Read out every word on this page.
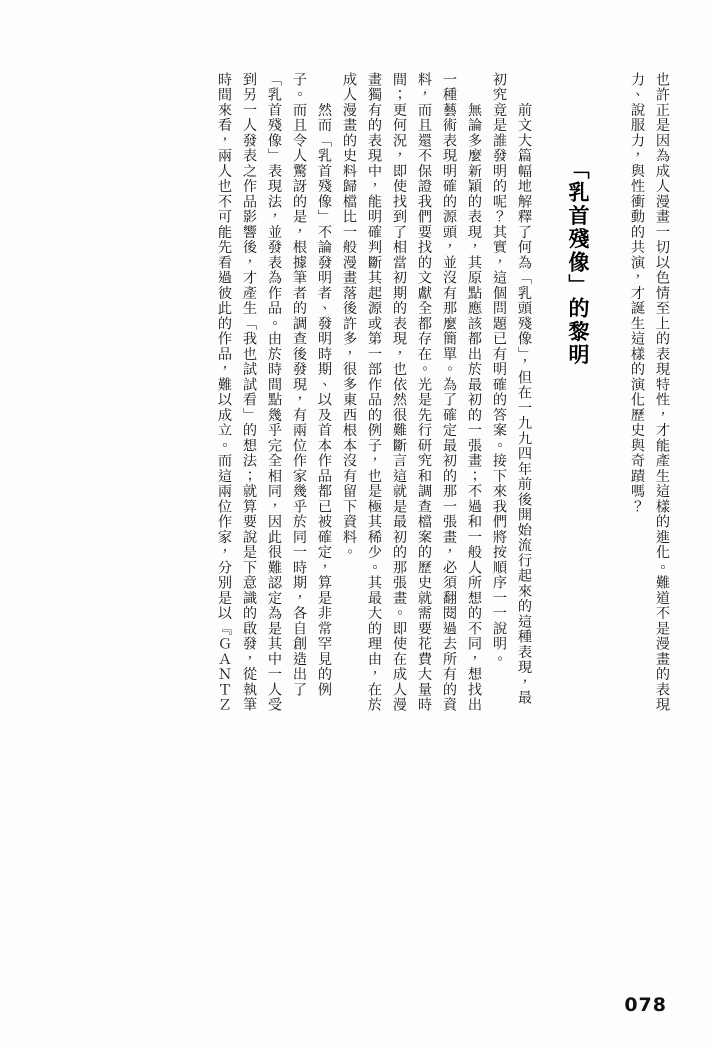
也許正是因為成人漫畫一切以色情至上的表現特性，才能產生這樣的進化。難道不是漫畫的表現
力、說服力，與性衝動的共演，才誕生這樣的演化歷史與奇蹟嗎？
「乳首殘像」的黎明
　　前文大篇幅地解釋了何為「乳頭殘像」，但在一九九四年前後開始流行起來的這種表現，最
初究竟是誰發明的呢？其實，這個問題已有明確的答案。接下來我們將按順序一一說明。
　　無論多麼新穎的表現，其原點應該都出於最初的一張畫；不過和一般人所想的不同，想找出
一種藝術表現明確的源頭，並沒有那麼簡單。為了確定最初的那一張畫，必須翻閱過去所有的資
料，而且還不保證我們要找的文獻全都存在。光是先行研究和調查檔案的歷史就需要花費大量時
間；更何況，即使找到了相當初期的表現，也依然很難斷言這就是最初的那張畫。即使在成人漫
畫獨有的表現中，能明確判斷其起源或第一部作品的例子，也是極其稀少。其最大的理由，在於
成人漫畫的史料歸檔比一般漫畫落後許多，很多東西根本沒有留下資料。
　　然而「乳首殘像」不論發明者、發明時期、以及首本作品都已被確定，算是非常罕見的例
子。而且令人驚訝的是，根據筆者的調查後發現，有兩位作家幾乎於同一時期，各自創造出了
「乳首殘像」表現法，並發表為作品。由於時間點幾乎完全相同，因此很難認定為是其中一人受
到另一人發表之作品影響後，才產生「我也試試看」的想法；就算要說是下意識的啟發，從執筆
時間來看，兩人也不可能先看過彼此的作品，難以成立。而這兩位作家，分別是以『ＧＡＮＴＺ
078
